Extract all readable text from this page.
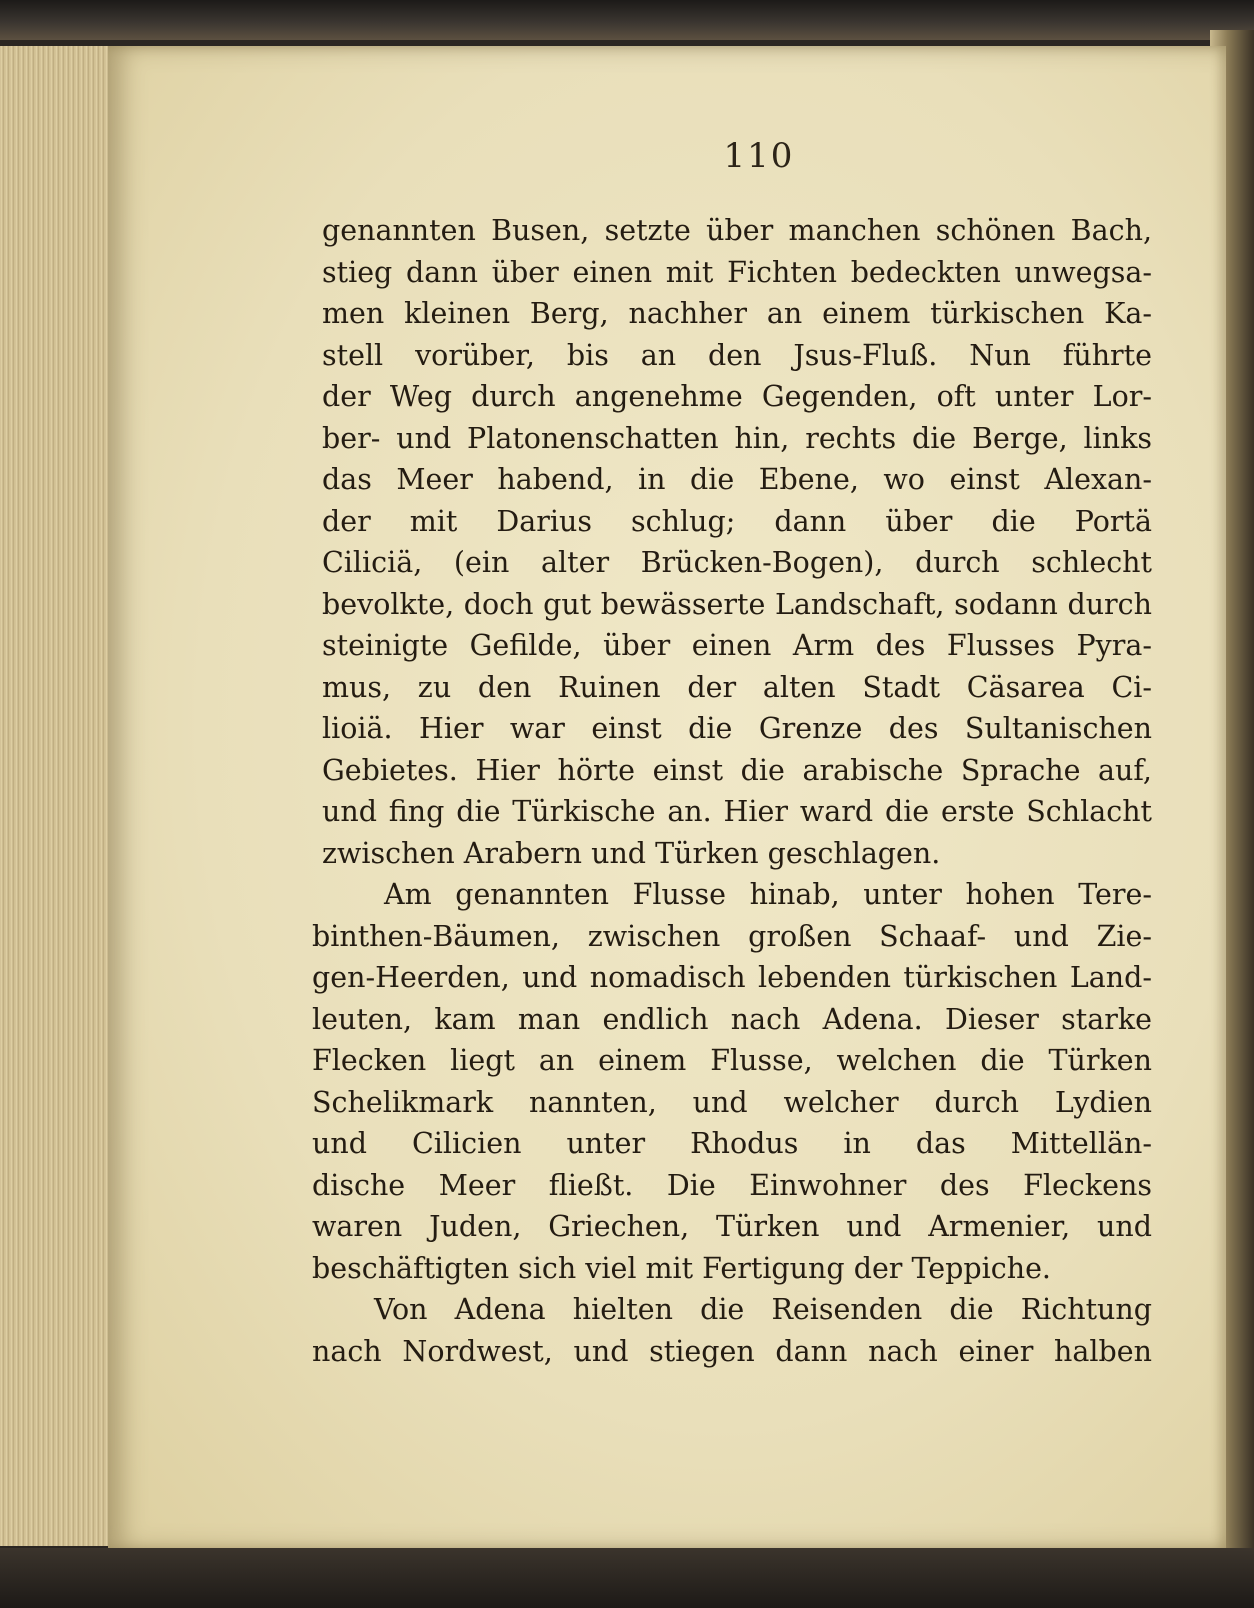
110
genannten Busen, setzte über manchen schönen Bach,
stieg dann über einen mit Fichten bedeckten unwegsa-
men kleinen Berg, nachher an einem türkischen Ka-
stell vorüber, bis an den Jsus-Fluß. Nun führte
der Weg durch angenehme Gegenden, oft unter Lor-
ber- und Platonenschatten hin, rechts die Berge, links
das Meer habend, in die Ebene, wo einst Alexan-
der mit Darius schlug; dann über die Portä
Ciliciä, (ein alter Brücken-Bogen), durch schlecht
bevolkte, doch gut bewässerte Landschaft, sodann durch
steinigte Gefilde, über einen Arm des Flusses Pyra-
mus, zu den Ruinen der alten Stadt Cäsarea Ci-
lioiä. Hier war einst die Grenze des Sultanischen
Gebietes. Hier hörte einst die arabische Sprache auf,
und fing die Türkische an. Hier ward die erste Schlacht
zwischen Arabern und Türken geschlagen.
Am genannten Flusse hinab, unter hohen Tere-
binthen-Bäumen, zwischen großen Schaaf- und Zie-
gen-Heerden, und nomadisch lebenden türkischen Land-
leuten, kam man endlich nach Adena. Dieser starke
Flecken liegt an einem Flusse, welchen die Türken
Schelikmark nannten, und welcher durch Lydien
und Cilicien unter Rhodus in das Mittellän-
dische Meer fließt. Die Einwohner des Fleckens
waren Juden, Griechen, Türken und Armenier, und
beschäftigten sich viel mit Fertigung der Teppiche.
Von Adena hielten die Reisenden die Richtung
nach Nordwest, und stiegen dann nach einer halben
